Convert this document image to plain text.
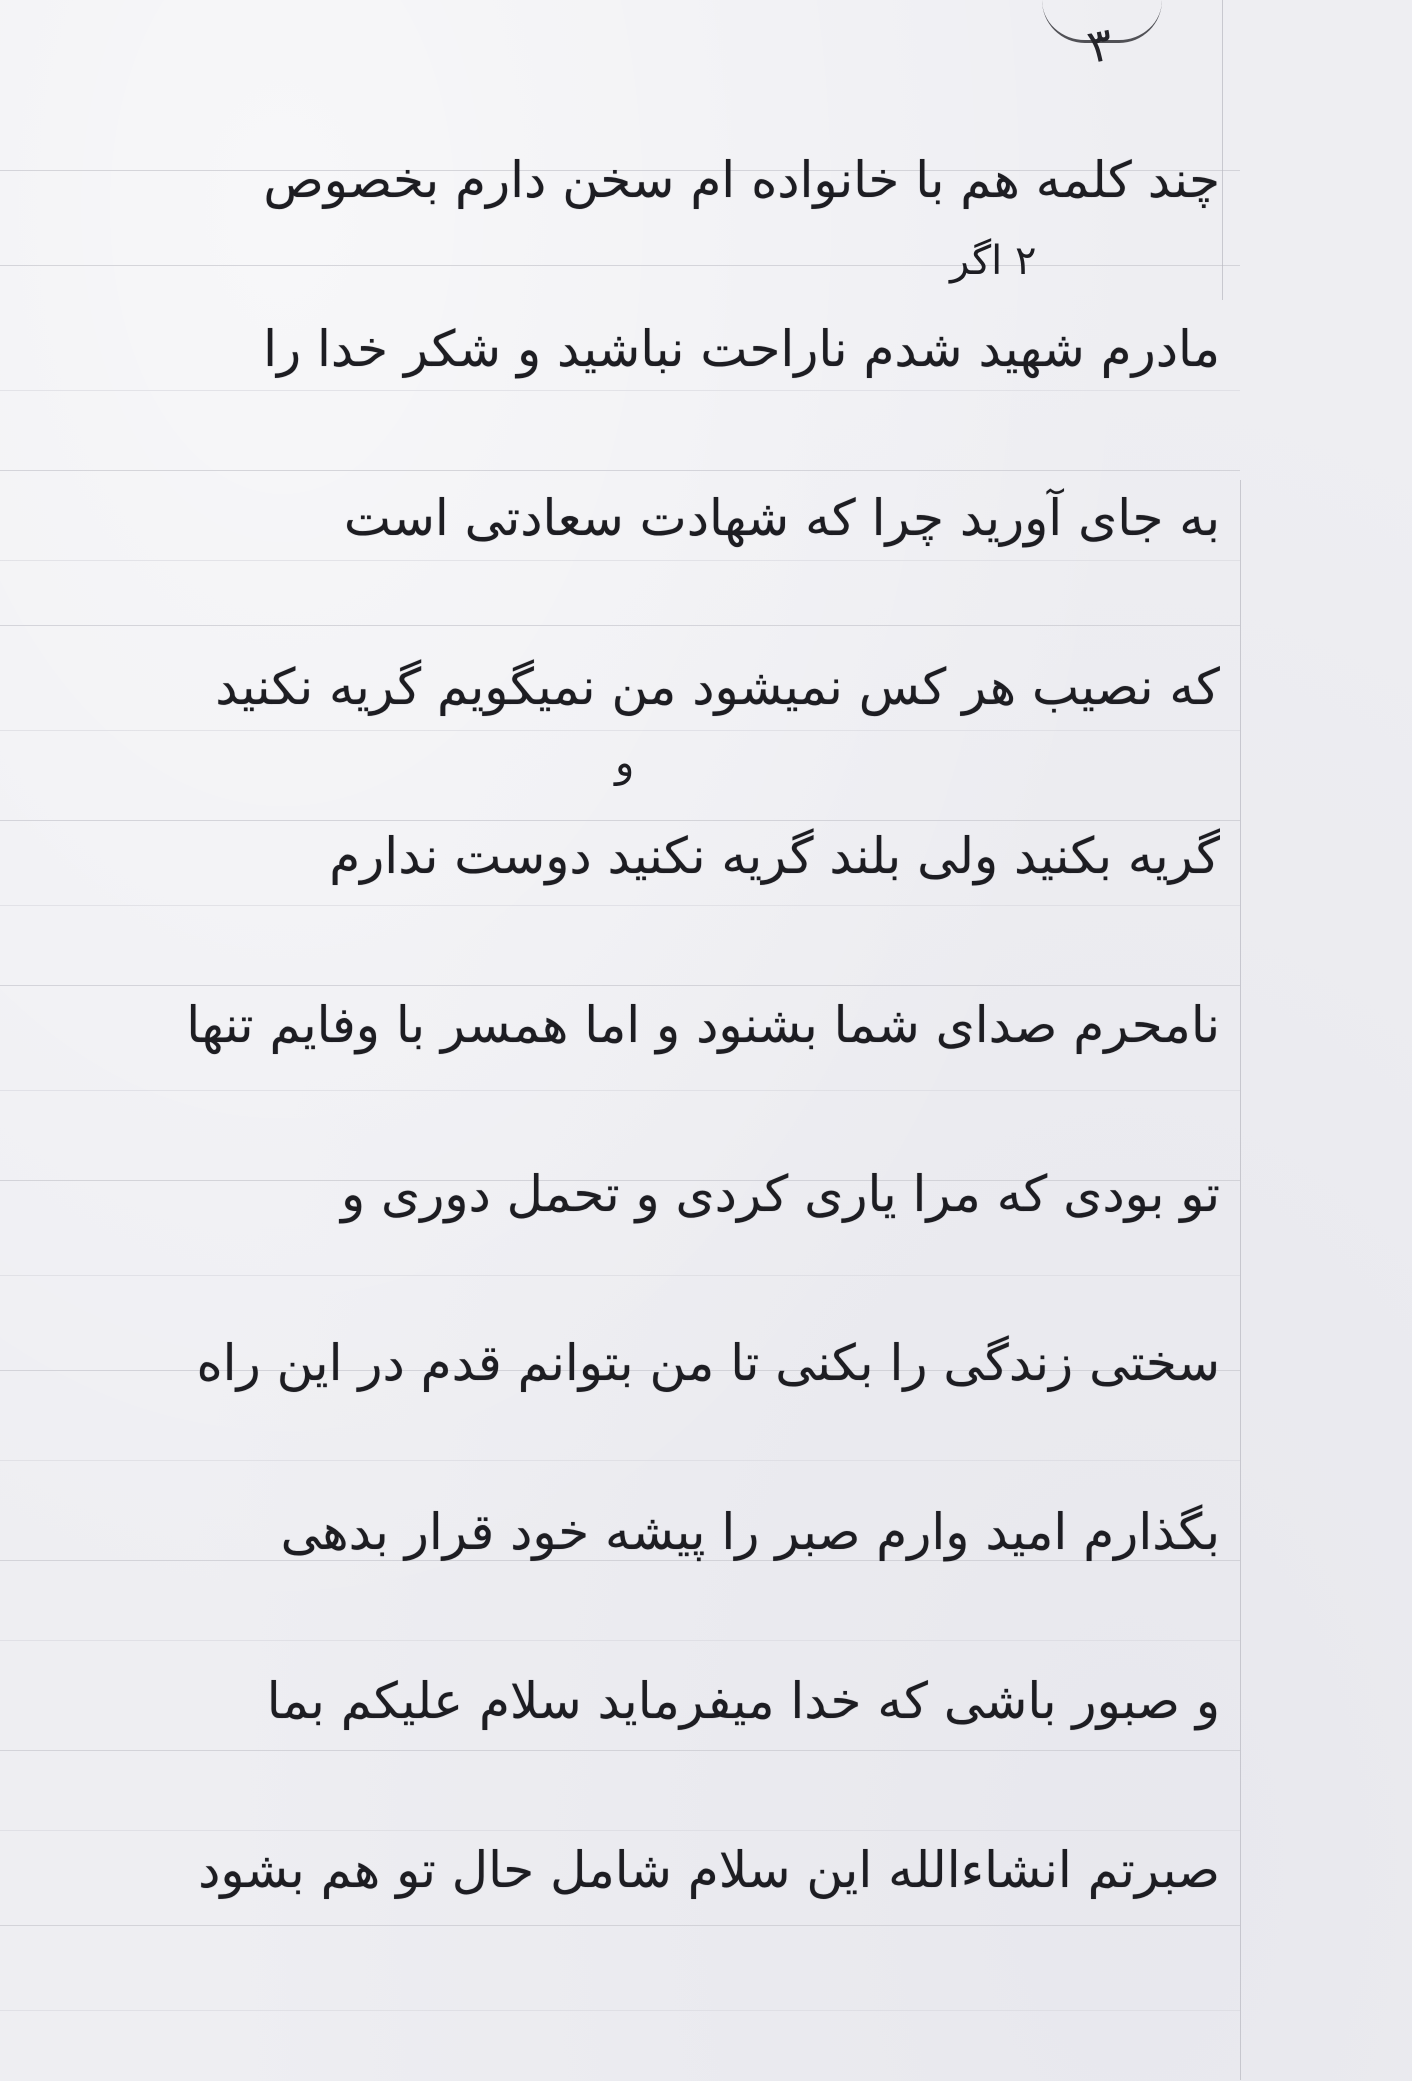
۳

۲ اگر
و
چند کلمه هم با خانواده ام سخن دارم بخصوص
مادرم شهید شدم ناراحت نباشید و شکر خدا را
به جای آورید چرا که شهادت سعادتی است
که نصیب هر کس نمیشود من نمیگویم گریه نکنید
گریه بکنید ولی بلند گریه نکنید دوست ندارم
نامحرم صدای شما بشنود و اما همسر با وفایم تنها
تو بودی که مرا یاری کردی و تحمل دوری و
سختی زندگی را بکنی تا من بتوانم قدم در این راه
بگذارم امید وارم صبر را پیشه خود قرار بدهی
و صبور باشی که خدا میفرماید سلام علیکم بما
صبرتم انشاءالله این سلام شامل حال تو هم بشود
